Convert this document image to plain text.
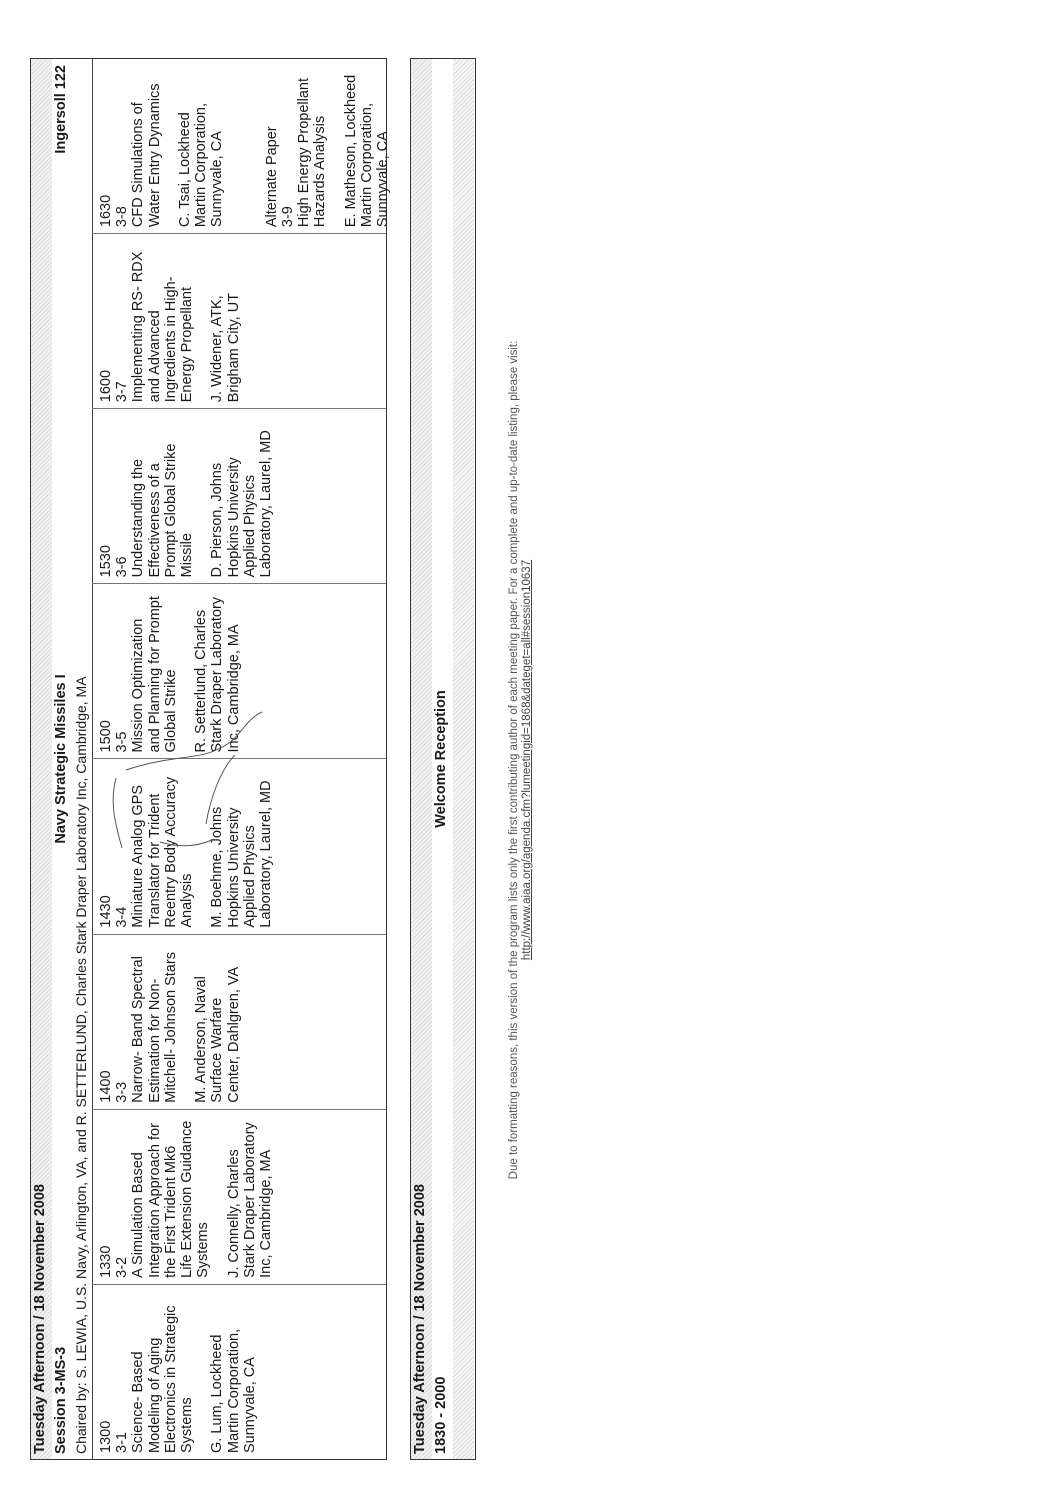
Tuesday Afternoon / 18 November 2008 Session 3-MS-3
Navy Strategic Missiles I
Ingersoll 122
Chaired by: S. LEWIA, U.S. Navy, Arlington, VA, and R. SETTERLUND, Charles Stark Draper Laboratory Inc, Cambridge, MA 1300 3-1 Science- Based Modeling of Aging Electronics in Strategic Systems G. Lum, Lockheed Martin Corporation, Sunnyvale, CA
1330 3-2 A Simulation Based Integration Approach for the First Trident Mk6 Life Extension Guidance Systems J. Connelly, Charles Stark Draper Laboratory Inc, Cambridge, MA
1400 3-3 Narrow- Band Spectral Estimation for Non- Mitchell- Johnson Stars M. Anderson, Naval Surface Warfare Center, Dahlgren, VA
1430 3-4 Miniature Analog GPS Translator for Trident Reentry Body Accuracy Analysis M. Boehme, Johns Hopkins University Applied Physics Laboratory, Laurel, MD
1500 3-5 Mission Optimization and Planning for Prompt Global Strike R. Setterlund, Charles Stark Draper Laboratory Inc, Cambridge, MA
1530 3-6 Understanding the Effectiveness of a Prompt Global Strike Missile D. Pierson, Johns Hopkins University Applied Physics Laboratory, Laurel, MD
1600 3-7 Implementing RS- RDX and Advanced Ingredients in High- Energy Propellant J. Widener, ATK, Brigham City, UT
1630 3-8 CFD Simulations of Water Entry Dynamics C. Tsai, Lockheed Martin Corporation, Sunnyvale, CA	Alternate Paper 3-9 High Energy Propellant Hazards Analysis E. Matheson, Lockheed Martin Corporation, Sunnyvale, CA
Tuesday Afternoon / 18 November 2008 1830 - 2000
Welcome Reception	Due to formatting reasons, this version of the program lists only the first contributing author of each meeting paper. For a complete and up-to-date listing, please visit: http://www.aiaa.org/agenda.cfm?lumeetingid=1868&dateget=all#session10637
